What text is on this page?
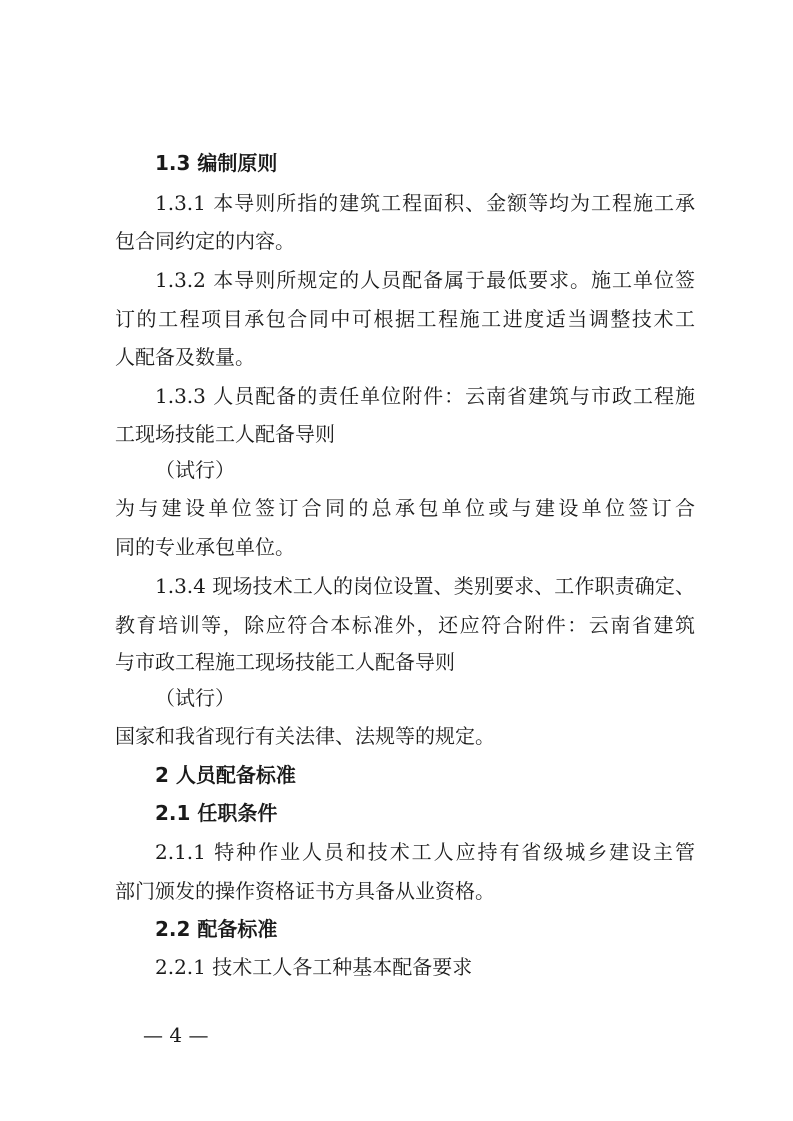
1.3 编制原则
1.3.1 本导则所指的建筑工程面积、金额等均为工程施工承
包合同约定的内容。
1.3.2 本导则所规定的人员配备属于最低要求。施工单位签
订的工程项目承包合同中可根据工程施工进度适当调整技术工
人配备及数量。
1.3.3 人员配备的责任单位附件：云南省建筑与市政工程施
工现场技能工人配备导则
（试行）
为与建设单位签订合同的总承包单位或与建设单位签订合
同的专业承包单位。
1.3.4 现场技术工人的岗位设置、类别要求、工作职责确定、
教育培训等，除应符合本标准外，还应符合附件：云南省建筑
与市政工程施工现场技能工人配备导则
（试行）
国家和我省现行有关法律、法规等的规定。
2 人员配备标准
2.1 任职条件
2.1.1 特种作业人员和技术工人应持有省级城乡建设主管
部门颁发的操作资格证书方具备从业资格。
2.2 配备标准
2.2.1 技术工人各工种基本配备要求
— 4 —
